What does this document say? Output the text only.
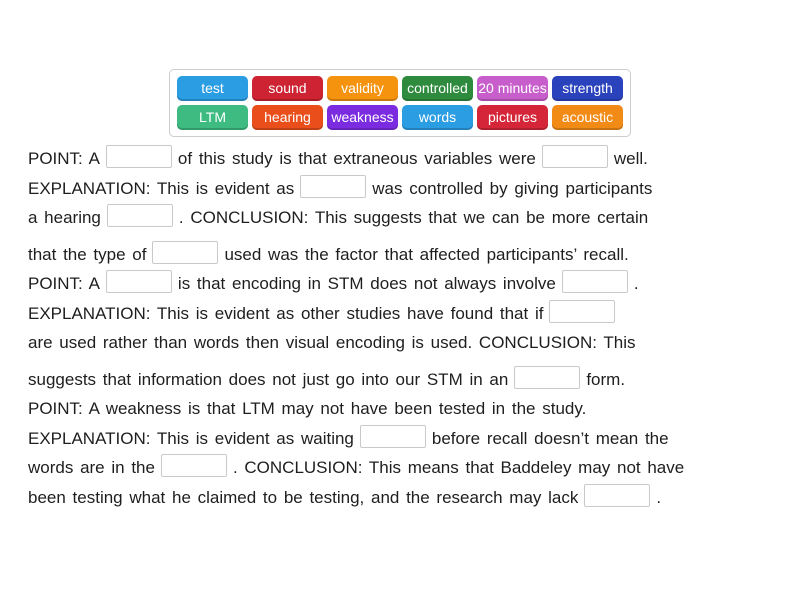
test	sound	validity	controlled 20 minutes	strength
LTM	hearing	weakness	words	pictures	acoustic
POINT: A	of this study is that extraneous variables were	well.
EXPLANATION: This is evident as	was controlled by giving participants
a hearing	. CONCLUSION: This suggests that we can be more certain
that the type of	used was the factor that affected participants’ recall.
POINT: A	is that encoding in STM does not always involve	.
EXPLANATION: This is evident as other studies have found that if
are used rather than words then visual encoding is used. CONCLUSION: This
suggests that information does not just go into our STM in an	form.
POINT: A weakness is that LTM may not have been tested in the study.
EXPLANATION: This is evident as waiting	before recall doesn’t mean the
words are in the	. CONCLUSION: This means that Baddeley may not have
been testing what he claimed to be testing, and the research may lack	.
